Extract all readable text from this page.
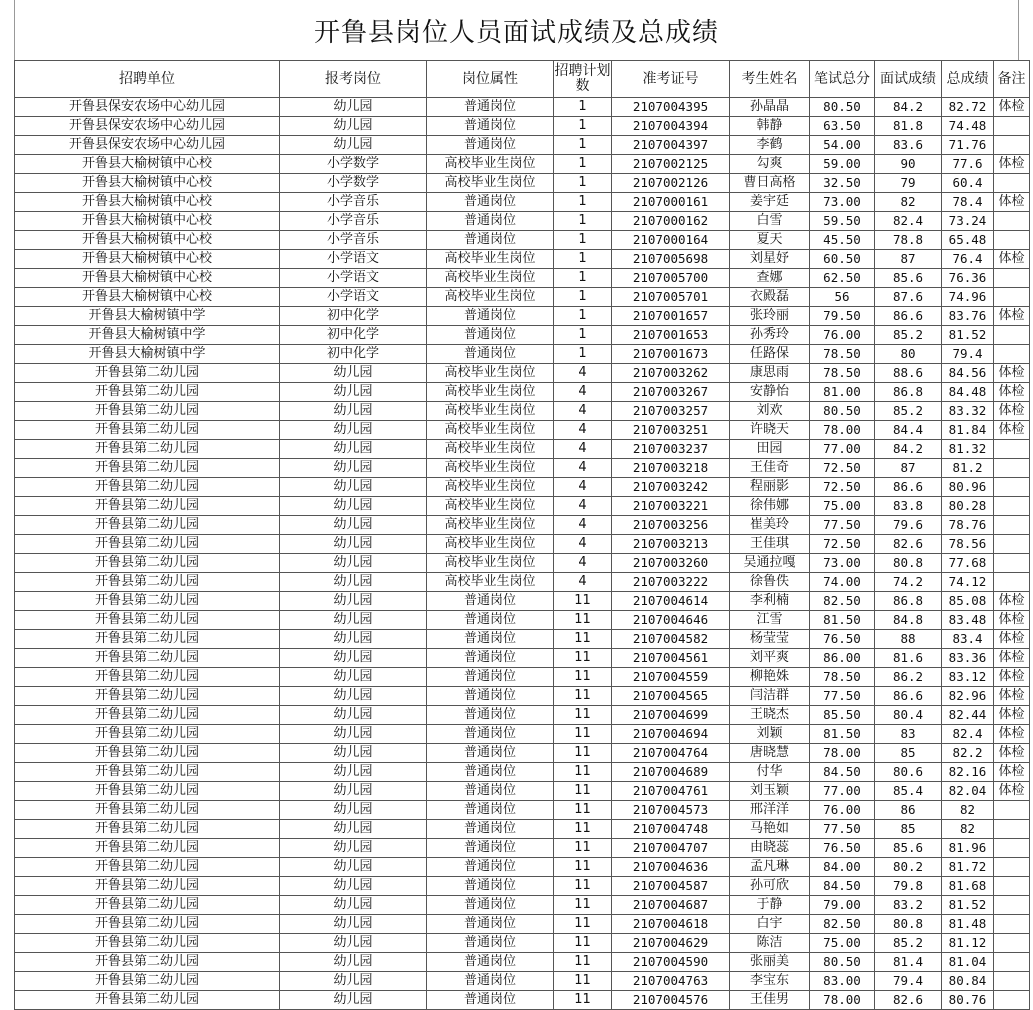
开鲁县岗位人员面试成绩及总成绩
招聘单位	报考岗位	岗位属性	招聘计划数	准考证号	考生姓名	笔试总分	面试成绩	总成绩	备注
开鲁县保安农场中心幼儿园	幼儿园	普通岗位	1	2107004395	孙晶晶	80.50	84.2	82.72	体检
开鲁县保安农场中心幼儿园	幼儿园	普通岗位	1	2107004394	韩静	63.50	81.8	74.48	
开鲁县保安农场中心幼儿园	幼儿园	普通岗位	1	2107004397	李鹤	54.00	83.6	71.76	
开鲁县大榆树镇中心校	小学数学	高校毕业生岗位	1	2107002125	勾爽	59.00	90	77.6	体检
开鲁县大榆树镇中心校	小学数学	高校毕业生岗位	1	2107002126	曹日高格	32.50	79	60.4	
开鲁县大榆树镇中心校	小学音乐	普通岗位	1	2107000161	姜宇廷	73.00	82	78.4	体检
开鲁县大榆树镇中心校	小学音乐	普通岗位	1	2107000162	白雪	59.50	82.4	73.24	
开鲁县大榆树镇中心校	小学音乐	普通岗位	1	2107000164	夏天	45.50	78.8	65.48	
开鲁县大榆树镇中心校	小学语文	高校毕业生岗位	1	2107005698	刘星妤	60.50	87	76.4	体检
开鲁县大榆树镇中心校	小学语文	高校毕业生岗位	1	2107005700	查娜	62.50	85.6	76.36	
开鲁县大榆树镇中心校	小学语文	高校毕业生岗位	1	2107005701	衣殿磊	56	87.6	74.96	
开鲁县大榆树镇中学	初中化学	普通岗位	1	2107001657	张玲丽	79.50	86.6	83.76	体检
开鲁县大榆树镇中学	初中化学	普通岗位	1	2107001653	孙秀玲	76.00	85.2	81.52	
开鲁县大榆树镇中学	初中化学	普通岗位	1	2107001673	任路保	78.50	80	79.4	
开鲁县第二幼儿园	幼儿园	高校毕业生岗位	4	2107003262	康思雨	78.50	88.6	84.56	体检
开鲁县第二幼儿园	幼儿园	高校毕业生岗位	4	2107003267	安静怡	81.00	86.8	84.48	体检
开鲁县第二幼儿园	幼儿园	高校毕业生岗位	4	2107003257	刘欢	80.50	85.2	83.32	体检
开鲁县第二幼儿园	幼儿园	高校毕业生岗位	4	2107003251	许晓天	78.00	84.4	81.84	体检
开鲁县第二幼儿园	幼儿园	高校毕业生岗位	4	2107003237	田园	77.00	84.2	81.32	
开鲁县第二幼儿园	幼儿园	高校毕业生岗位	4	2107003218	王佳奇	72.50	87	81.2	
开鲁县第二幼儿园	幼儿园	高校毕业生岗位	4	2107003242	程丽影	72.50	86.6	80.96	
开鲁县第二幼儿园	幼儿园	高校毕业生岗位	4	2107003221	徐伟娜	75.00	83.8	80.28	
开鲁县第二幼儿园	幼儿园	高校毕业生岗位	4	2107003256	崔美玲	77.50	79.6	78.76	
开鲁县第二幼儿园	幼儿园	高校毕业生岗位	4	2107003213	王佳琪	72.50	82.6	78.56	
开鲁县第二幼儿园	幼儿园	高校毕业生岗位	4	2107003260	吴通拉嘎	73.00	80.8	77.68	
开鲁县第二幼儿园	幼儿园	高校毕业生岗位	4	2107003222	徐鲁佚	74.00	74.2	74.12	
开鲁县第二幼儿园	幼儿园	普通岗位	11	2107004614	李利楠	82.50	86.8	85.08	体检
开鲁县第二幼儿园	幼儿园	普通岗位	11	2107004646	江雪	81.50	84.8	83.48	体检
开鲁县第二幼儿园	幼儿园	普通岗位	11	2107004582	杨莹莹	76.50	88	83.4	体检
开鲁县第二幼儿园	幼儿园	普通岗位	11	2107004561	刘平爽	86.00	81.6	83.36	体检
开鲁县第二幼儿园	幼儿园	普通岗位	11	2107004559	柳艳姝	78.50	86.2	83.12	体检
开鲁县第二幼儿园	幼儿园	普通岗位	11	2107004565	闫洁群	77.50	86.6	82.96	体检
开鲁县第二幼儿园	幼儿园	普通岗位	11	2107004699	王晓杰	85.50	80.4	82.44	体检
开鲁县第二幼儿园	幼儿园	普通岗位	11	2107004694	刘颖	81.50	83	82.4	体检
开鲁县第二幼儿园	幼儿园	普通岗位	11	2107004764	唐晓慧	78.00	85	82.2	体检
开鲁县第二幼儿园	幼儿园	普通岗位	11	2107004689	付华	84.50	80.6	82.16	体检
开鲁县第二幼儿园	幼儿园	普通岗位	11	2107004761	刘玉颖	77.00	85.4	82.04	体检
开鲁县第二幼儿园	幼儿园	普通岗位	11	2107004573	邢洋洋	76.00	86	82	
开鲁县第二幼儿园	幼儿园	普通岗位	11	2107004748	马艳如	77.50	85	82	
开鲁县第二幼儿园	幼儿园	普通岗位	11	2107004707	由晓蕊	76.50	85.6	81.96	
开鲁县第二幼儿园	幼儿园	普通岗位	11	2107004636	孟凡琳	84.00	80.2	81.72	
开鲁县第二幼儿园	幼儿园	普通岗位	11	2107004587	孙可欣	84.50	79.8	81.68	
开鲁县第二幼儿园	幼儿园	普通岗位	11	2107004687	于静	79.00	83.2	81.52	
开鲁县第二幼儿园	幼儿园	普通岗位	11	2107004618	白宇	82.50	80.8	81.48	
开鲁县第二幼儿园	幼儿园	普通岗位	11	2107004629	陈洁	75.00	85.2	81.12	
开鲁县第二幼儿园	幼儿园	普通岗位	11	2107004590	张丽美	80.50	81.4	81.04	
开鲁县第二幼儿园	幼儿园	普通岗位	11	2107004763	李宝东	83.00	79.4	80.84	
开鲁县第二幼儿园	幼儿园	普通岗位	11	2107004576	王佳男	78.00	82.6	80.76	
